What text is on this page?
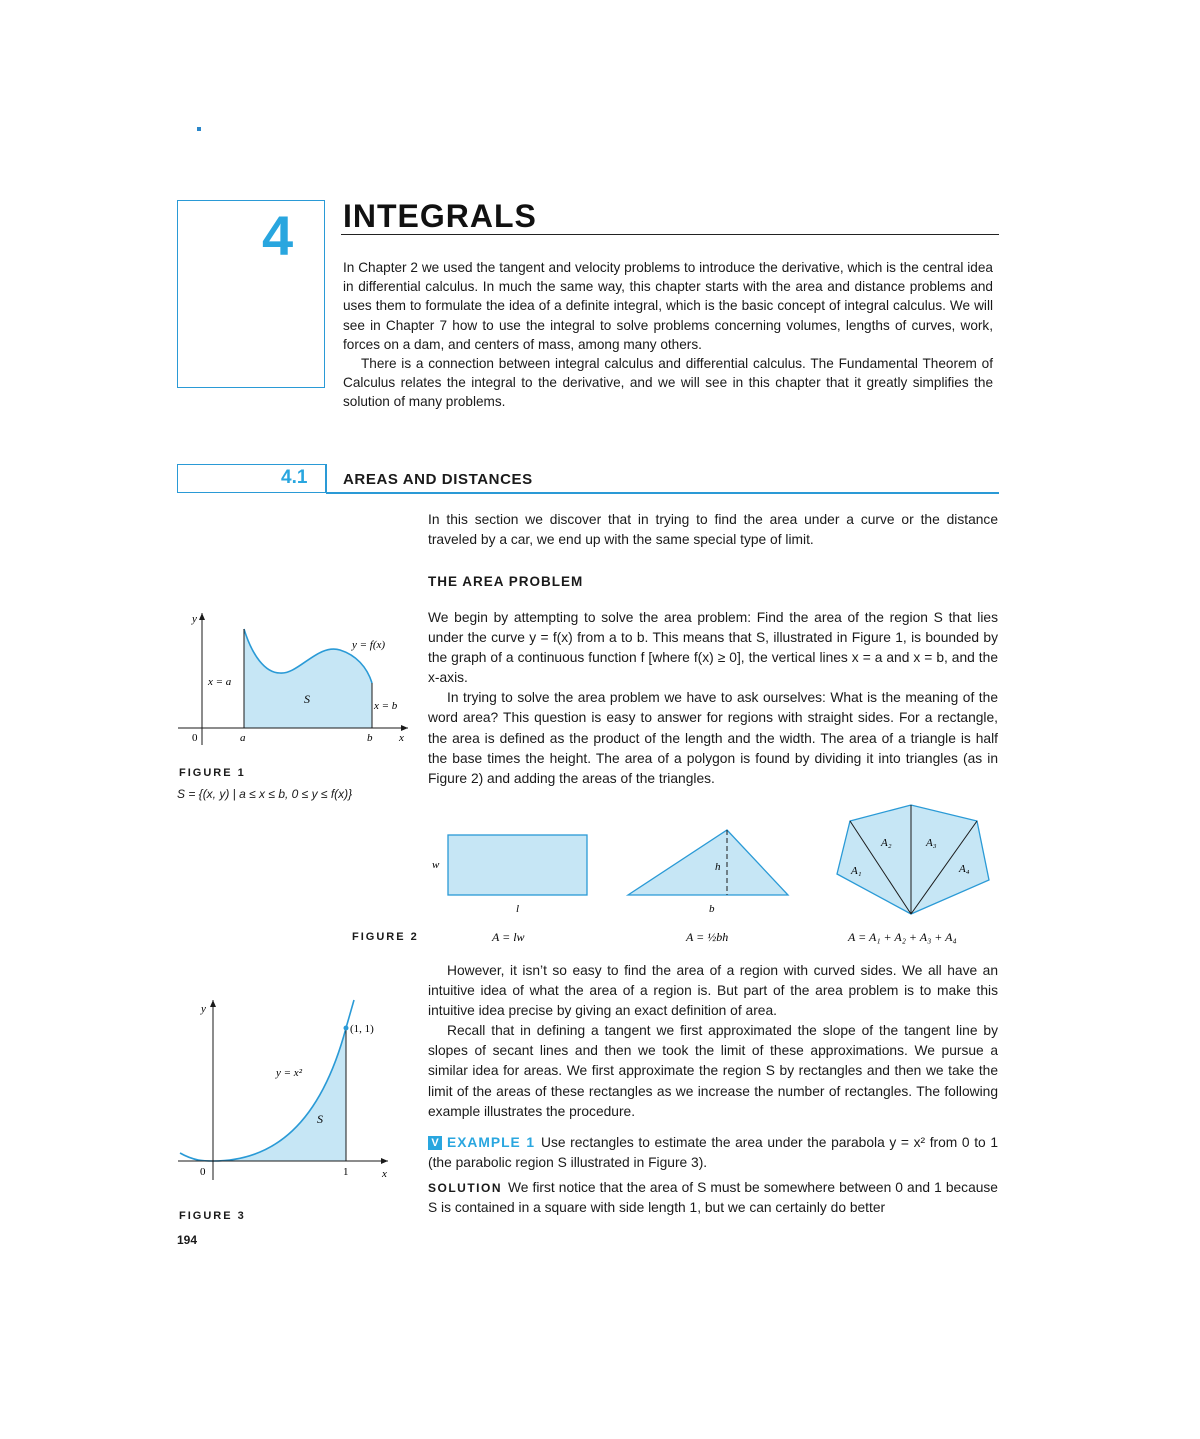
4 INTEGRALS

In Chapter 2 we used the tangent and velocity problems to introduce the derivative, which is the central idea in differential calculus. In much the same way, this chapter starts with the area and distance problems and uses them to formulate the idea of a definite integral, which is the basic concept of integral calculus. We will see in Chapter 7 how to use the integral to solve problems concerning volumes, lengths of curves, work, forces on a dam, and centers of mass, among many others.

There is a connection between integral calculus and differential calculus. The Fundamental Theorem of Calculus relates the integral to the derivative, and we will see in this chapter that it greatly simplifies the solution of many problems.

4.1 AREAS AND DISTANCES

In this section we discover that in trying to find the area under a curve or the distance traveled by a car, we end up with the same special type of limit.

THE AREA PROBLEM

We begin by attempting to solve the area problem: Find the area of the region S that lies under the curve y = f(x) from a to b. This means that S, illustrated in Figure 1, is bounded by the graph of a continuous function f [where f(x) ≥ 0], the vertical lines x = a and x = b, and the x-axis.

In trying to solve the area problem we have to ask ourselves: What is the meaning of the word area? This question is easy to answer for regions with straight sides. For a rectangle, the area is defined as the product of the length and the width. The area of a triangle is half the base times the height. The area of a polygon is found by dividing it into triangles (as in Figure 2) and adding the areas of the triangles.

y
x
0	a	b
y = f(x)
x = a
x = b
S
FIGURE 1
S = {(x, y) | a ≤ x ≤ b, 0 ≤ y ≤ f(x)}
w
l
h
b
A₁
A₂	A₃
A₄
A = lw	A = ½bh	A = A₁ + A₂ + A₃ + A₄
FIGURE 2

However, it isn’t so easy to find the area of a region with curved sides. We all have an intuitive idea of what the area of a region is. But part of the area problem is to make this intuitive idea precise by giving an exact definition of area.

Recall that in defining a tangent we first approximated the slope of the tangent line by slopes of secant lines and then we took the limit of these approximations. We pursue a similar idea for areas. We first approximate the region S by rectangles and then we take the limit of the areas of these rectangles as we increase the number of rectangles. The following example illustrates the procedure.

V EXAMPLE 1 Use rectangles to estimate the area under the parabola y = x² from 0 to 1 (the parabolic region S illustrated in Figure 3).

SOLUTION We first notice that the area of S must be somewhere between 0 and 1 because S is contained in a square with side length 1, but we can certainly do better

y
x
0	1
(1, 1)
y = x²
S
FIGURE 3
194
